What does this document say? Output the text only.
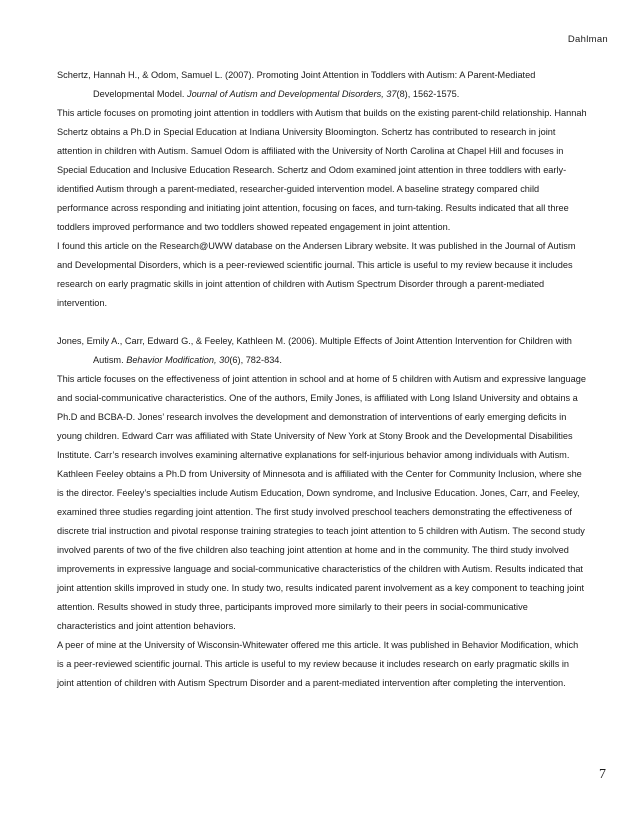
Dahlman

Schertz, Hannah H., & Odom, Samuel L. (2007). Promoting Joint Attention in Toddlers with Autism: A Parent-Mediated Developmental Model. Journal of Autism and Developmental Disorders, 37(8), 1562-1575.

This article focuses on promoting joint attention in toddlers with Autism that builds on the existing parent-child relationship. Hannah Schertz obtains a Ph.D in Special Education at Indiana University Bloomington. Schertz has contributed to research in joint attention in children with Autism. Samuel Odom is affiliated with the University of North Carolina at Chapel Hill and focuses in Special Education and Inclusive Education Research. Schertz and Odom examined joint attention in three toddlers with early-identified Autism through a parent-mediated, researcher-guided intervention model. A baseline strategy compared child performance across responding and initiating joint attention, focusing on faces, and turn-taking. Results indicated that all three toddlers improved performance and two toddlers showed repeated engagement in joint attention.

I found this article on the Research@UWW database on the Andersen Library website. It was published in the Journal of Autism and Developmental Disorders, which is a peer-reviewed scientific journal. This article is useful to my review because it includes research on early pragmatic skills in joint attention of children with Autism Spectrum Disorder through a parent-mediated intervention.

Jones, Emily A., Carr, Edward G., & Feeley, Kathleen M. (2006). Multiple Effects of Joint Attention Intervention for Children with Autism. Behavior Modification, 30(6), 782-834.

This article focuses on the effectiveness of joint attention in school and at home of 5 children with Autism and expressive language and social-communicative characteristics. One of the authors, Emily Jones, is affiliated with Long Island University and obtains a Ph.D and BCBA-D. Jones’ research involves the development and demonstration of interventions of early emerging deficits in young children. Edward Carr was affiliated with State University of New York at Stony Brook and the Developmental Disabilities Institute. Carr’s research involves examining alternative explanations for self-injurious behavior among individuals with Autism. Kathleen Feeley obtains a Ph.D from University of Minnesota and is affiliated with the Center for Community Inclusion, where she is the director. Feeley’s specialties include Autism Education, Down syndrome, and Inclusive Education. Jones, Carr, and Feeley, examined three studies regarding joint attention. The first study involved preschool teachers demonstrating the effectiveness of discrete trial instruction and pivotal response training strategies to teach joint attention to 5 children with Autism. The second study involved parents of two of the five children also teaching joint attention at home and in the community. The third study involved improvements in expressive language and social-communicative characteristics of the children with Autism. Results indicated that joint attention skills improved in study one. In study two, results indicated parent involvement as a key component to teaching joint attention. Results showed in study three, participants improved more similarly to their peers in social-communicative characteristics and joint attention behaviors.

A peer of mine at the University of Wisconsin-Whitewater offered me this article. It was published in Behavior Modification, which is a peer-reviewed scientific journal. This article is useful to my review because it includes research on early pragmatic skills in joint attention of children with Autism Spectrum Disorder and a parent-mediated intervention after completing the intervention.

7
